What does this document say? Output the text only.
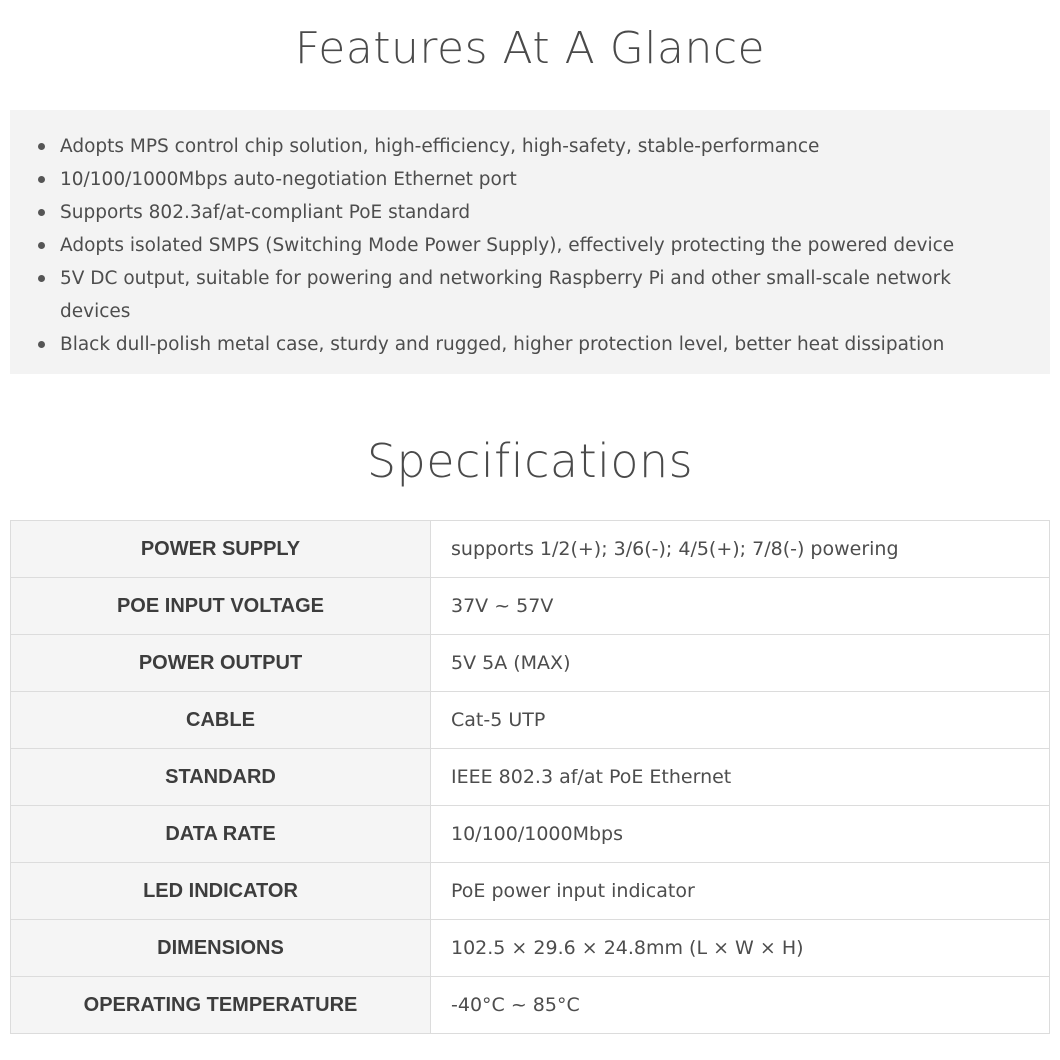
Features At A Glance
Adopts MPS control chip solution, high-efficiency, high-safety, stable-performance
10/100/1000Mbps auto-negotiation Ethernet port
Supports 802.3af/at-compliant PoE standard
Adopts isolated SMPS (Switching Mode Power Supply), effectively protecting the powered device
5V DC output, suitable for powering and networking Raspberry Pi and other small-scale network devices
Black dull-polish metal case, sturdy and rugged, higher protection level, better heat dissipation
Specifications
POWER SUPPLY	supports 1/2(+); 3/6(-); 4/5(+); 7/8(-) powering
POE INPUT VOLTAGE	37V ~ 57V
POWER OUTPUT	5V 5A (MAX)
CABLE	Cat-5 UTP
STANDARD	IEEE 802.3 af/at PoE Ethernet
DATA RATE	10/100/1000Mbps
LED INDICATOR	PoE power input indicator
DIMENSIONS	102.5 × 29.6 × 24.8mm (L × W × H)
OPERATING TEMPERATURE	-40°C ~ 85°C
